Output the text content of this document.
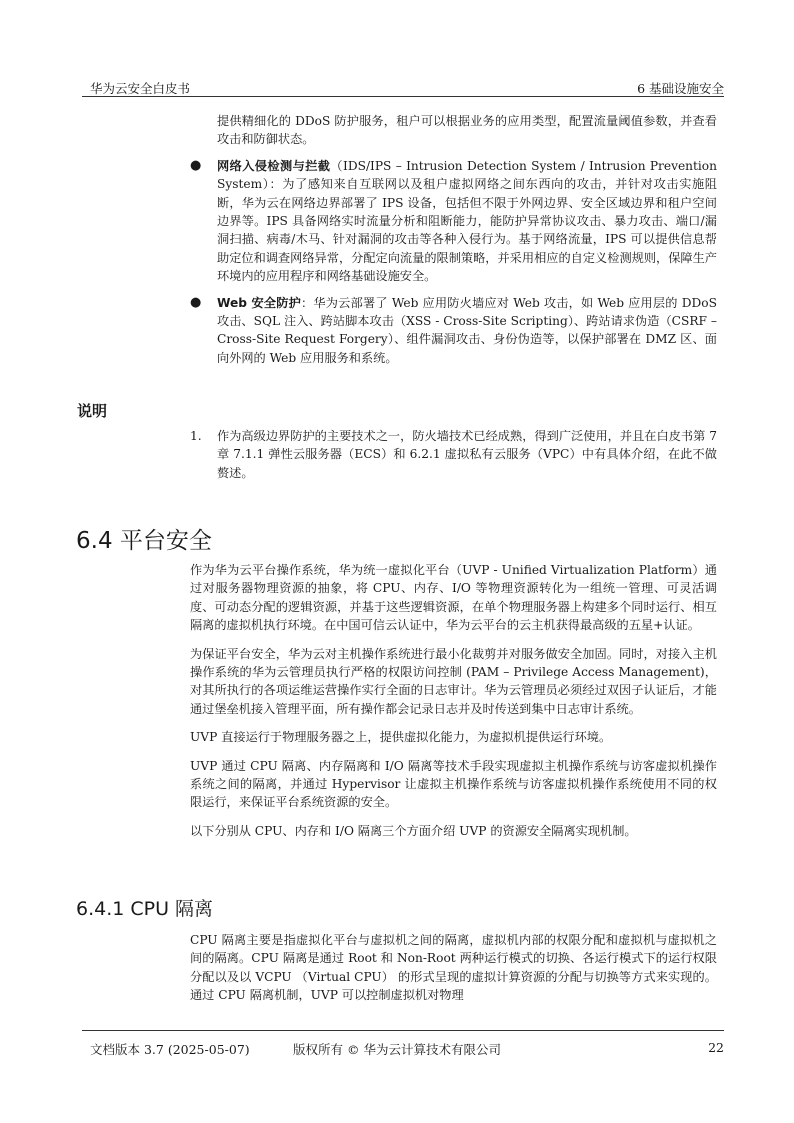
华为云安全白皮书	6 基础设施安全
提供精细化的 DDoS 防护服务，租户可以根据业务的应用类型，配置流量阈值参数，并查看攻击和防御状态。
● 网络入侵检测与拦截（IDS/IPS – Intrusion Detection System / Intrusion Prevention System）：为了感知来自互联网以及租户虚拟网络之间东西向的攻击，并针对攻击实施阻断，华为云在网络边界部署了 IPS 设备，包括但不限于外网边界、安全区域边界和租户空间边界等。IPS 具备网络实时流量分析和阻断能力，能防护异常协议攻击、暴力攻击、端口/漏洞扫描、病毒/木马、针对漏洞的攻击等各种入侵行为。基于网络流量，IPS 可以提供信息帮助定位和调查网络异常，分配定向流量的限制策略，并采用相应的自定义检测规则，保障生产环境内的应用程序和网络基础设施安全。
● Web 安全防护：华为云部署了 Web 应用防火墙应对 Web 攻击，如 Web 应用层的 DDoS 攻击、SQL 注入、跨站脚本攻击（XSS - Cross-Site Scripting）、跨站请求伪造（CSRF – Cross-Site Request Forgery）、组件漏洞攻击、身份伪造等，以保护部署在 DMZ 区、面向外网的 Web 应用服务和系统。
说明
1.	作为高级边界防护的主要技术之一，防火墙技术已经成熟，得到广泛使用，并且在白皮书第 7 章 7.1.1 弹性云服务器（ECS）和 6.2.1 虚拟私有云服务（VPC）中有具体介绍，在此不做赘述。
6.4 平台安全

作为华为云平台操作系统，华为统一虚拟化平台（UVP - Unified Virtualization Platform）通过对服务器物理资源的抽象，将 CPU、内存、I/O 等物理资源转化为一组统一管理、可灵活调度、可动态分配的逻辑资源，并基于这些逻辑资源，在单个物理服务器上构建多个同时运行、相互隔离的虚拟机执行环境。在中国可信云认证中，华为云平台的云主机获得最高级的五星+认证。

为保证平台安全，华为云对主机操作系统进行最小化裁剪并对服务做安全加固。同时，对接入主机操作系统的华为云管理员执行严格的权限访问控制 (PAM – Privilege Access Management)，对其所执行的各项运维运营操作实行全面的日志审计。华为云管理员必须经过双因子认证后，才能通过堡垒机接入管理平面，所有操作都会记录日志并及时传送到集中日志审计系统。

UVP 直接运行于物理服务器之上，提供虚拟化能力，为虚拟机提供运行环境。

UVP 通过 CPU 隔离、内存隔离和 I/O 隔离等技术手段实现虚拟主机操作系统与访客虚拟机操作系统之间的隔离，并通过 Hypervisor 让虚拟主机操作系统与访客虚拟机操作系统使用不同的权限运行，来保证平台系统资源的安全。

以下分别从 CPU、内存和 I/O 隔离三个方面介绍 UVP 的资源安全隔离实现机制。

6.4.1 CPU 隔离

CPU 隔离主要是指虚拟化平台与虚拟机之间的隔离，虚拟机内部的权限分配和虚拟机与虚拟机之间的隔离。CPU 隔离是通过 Root 和 Non-Root 两种运行模式的切换、各运行模式下的运行权限分配以及以 VCPU （Virtual CPU） 的形式呈现的虚拟计算资源的分配与切换等方式来实现的。通过 CPU 隔离机制，UVP 可以控制虚拟机对物理

文档版本 3.7 (2025-05-07)	版权所有 © 华为云计算技术有限公司	22
